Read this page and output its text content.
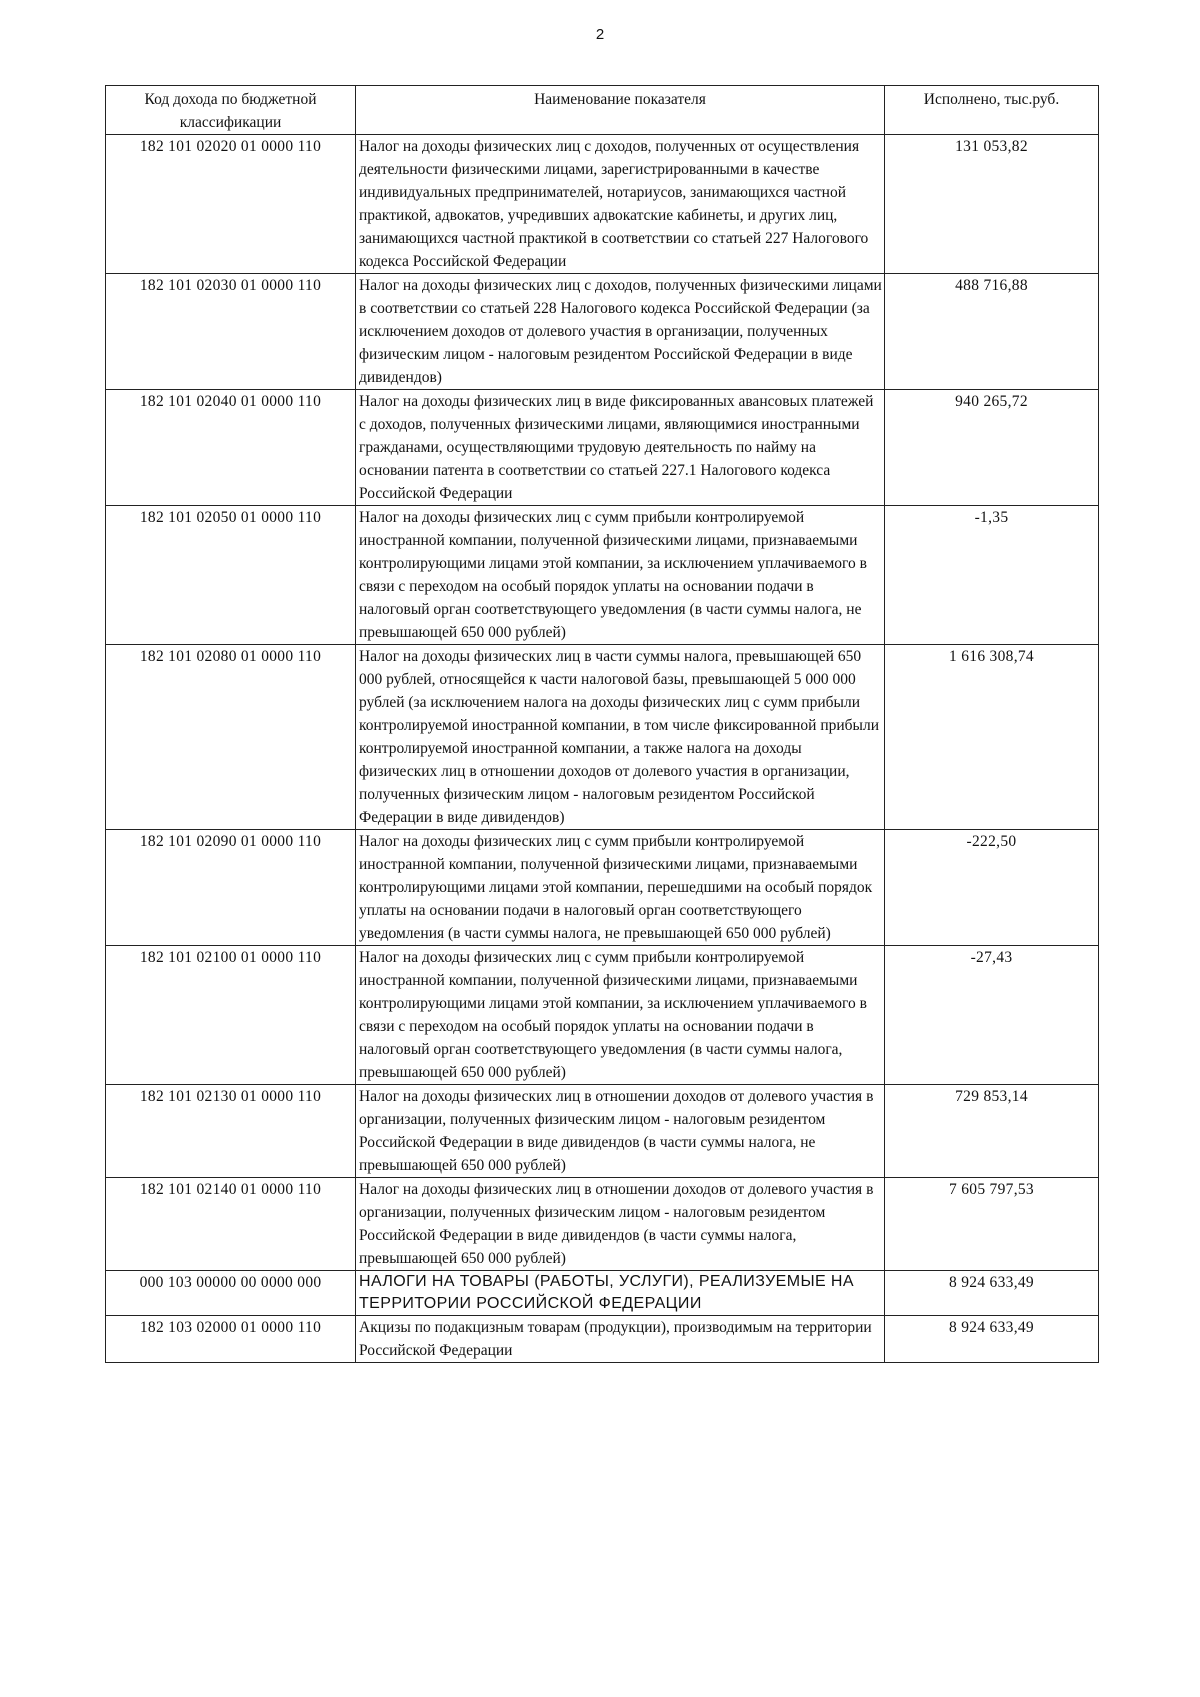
2
Код дохода по бюджетной классификации	Наименование показателя	Исполнено, тыс.руб.
182 101 02020 01 0000 110	Налог на доходы физических лиц с доходов, полученных от осуществления деятельности физическими лицами, зарегистрированными в качестве индивидуальных предпринимателей, нотариусов, занимающихся частной практикой, адвокатов, учредивших адвокатские кабинеты, и других лиц, занимающихся частной практикой в соответствии со статьей 227 Налогового кодекса Российской Федерации	131 053,82
182 101 02030 01 0000 110	Налог на доходы физических лиц с доходов, полученных физическими лицами в соответствии со статьей 228 Налогового кодекса Российской Федерации (за исключением доходов от долевого участия в организации, полученных физическим лицом - налоговым резидентом Российской Федерации в виде дивидендов)	488 716,88
182 101 02040 01 0000 110	Налог на доходы физических лиц в виде фиксированных авансовых платежей с доходов, полученных физическими лицами, являющимися иностранными гражданами, осуществляющими трудовую деятельность по найму на основании патента в соответствии со статьей 227.1 Налогового кодекса Российской Федерации	940 265,72
182 101 02050 01 0000 110	Налог на доходы физических лиц с сумм прибыли контролируемой иностранной компании, полученной физическими лицами, признаваемыми контролирующими лицами этой компании, за исключением уплачиваемого в связи с переходом на особый порядок уплаты на основании подачи в налоговый орган соответствующего уведомления (в части суммы налога, не превышающей 650 000 рублей)	-1,35
182 101 02080 01 0000 110	Налог на доходы физических лиц в части суммы налога, превышающей 650 000 рублей, относящейся к части налоговой базы, превышающей 5 000 000 рублей (за исключением налога на доходы физических лиц с сумм прибыли контролируемой иностранной компании, в том числе фиксированной прибыли контролируемой иностранной компании, а также налога на доходы физических лиц в отношении доходов от долевого участия в организации, полученных физическим лицом - налоговым резидентом Российской Федерации в виде дивидендов)	1 616 308,74
182 101 02090 01 0000 110	Налог на доходы физических лиц с сумм прибыли контролируемой иностранной компании, полученной физическими лицами, признаваемыми контролирующими лицами этой компании, перешедшими на особый порядок уплаты на основании подачи в налоговый орган соответствующего уведомления (в части суммы налога, не превышающей 650 000 рублей)	-222,50
182 101 02100 01 0000 110	Налог на доходы физических лиц с сумм прибыли контролируемой иностранной компании, полученной физическими лицами, признаваемыми контролирующими лицами этой компании, за исключением уплачиваемого в связи с переходом на особый порядок уплаты на основании подачи в налоговый орган соответствующего уведомления (в части суммы налога, превышающей 650 000 рублей)	-27,43
182 101 02130 01 0000 110	Налог на доходы физических лиц в отношении доходов от долевого участия в организации, полученных физическим лицом - налоговым резидентом Российской Федерации в виде дивидендов (в части суммы налога, не превышающей 650 000 рублей)	729 853,14
182 101 02140 01 0000 110	Налог на доходы физических лиц в отношении доходов от долевого участия в организации, полученных физическим лицом - налоговым резидентом Российской Федерации в виде дивидендов (в части суммы налога, превышающей 650 000 рублей)	7 605 797,53
000 103 00000 00 0000 000	НАЛОГИ НА ТОВАРЫ (РАБОТЫ, УСЛУГИ), РЕАЛИЗУЕМЫЕ НА ТЕРРИТОРИИ РОССИЙСКОЙ ФЕДЕРАЦИИ	8 924 633,49
182 103 02000 01 0000 110	Акцизы по подакцизным товарам (продукции), производимым на территории Российской Федерации	8 924 633,49
